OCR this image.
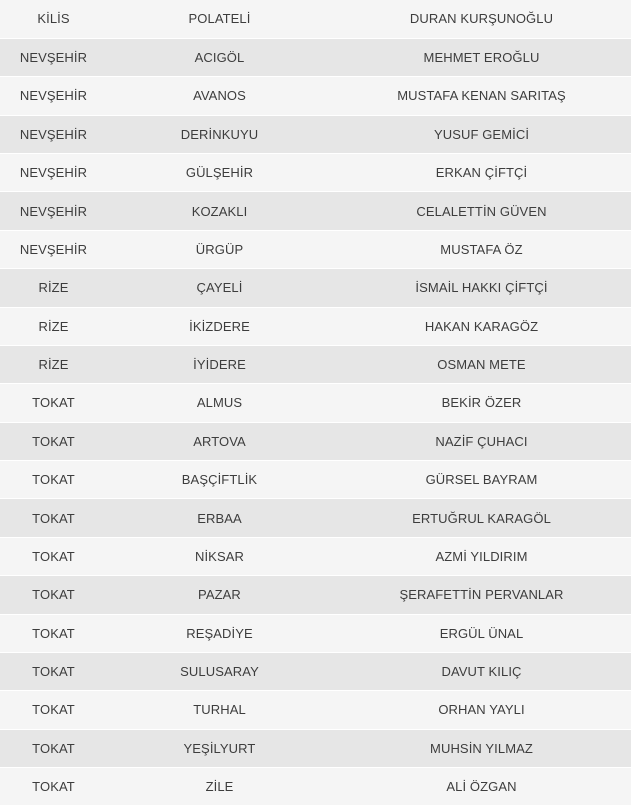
KİLİS	POLATELİ	DURAN KURŞUNOĞLU
NEVŞEHİR	ACIGÖL	MEHMET EROĞLU
NEVŞEHİR	AVANOS	MUSTAFA KENAN SARITAŞ
NEVŞEHİR	DERİNKUYU	YUSUF GEMİCİ
NEVŞEHİR	GÜLŞEHİR	ERKAN ÇİFTÇİ
NEVŞEHİR	KOZAKLI	CELALETTİN GÜVEN
NEVŞEHİR	ÜRGÜP	MUSTAFA ÖZ
RİZE	ÇAYELİ	İSMAİL HAKKI ÇİFTÇİ
RİZE	İKİZDERE	HAKAN KARAGÖZ
RİZE	İYİDERE	OSMAN METE
TOKAT	ALMUS	BEKİR ÖZER
TOKAT	ARTOVA	NAZİF ÇUHACI
TOKAT	BAŞÇİFTLİK	GÜRSEL BAYRAM
TOKAT	ERBAA	ERTUĞRUL KARAGÖL
TOKAT	NİKSAR	AZMİ YILDIRIM
TOKAT	PAZAR	ŞERAFETTİN PERVANLAR
TOKAT	REŞADİYE	ERGÜL ÜNAL
TOKAT	SULUSARAY	DAVUT KILIÇ
TOKAT	TURHAL	ORHAN YAYLI
TOKAT	YEŞİLYURT	MUHSİN YILMAZ
TOKAT	ZİLE	ALİ ÖZGAN
